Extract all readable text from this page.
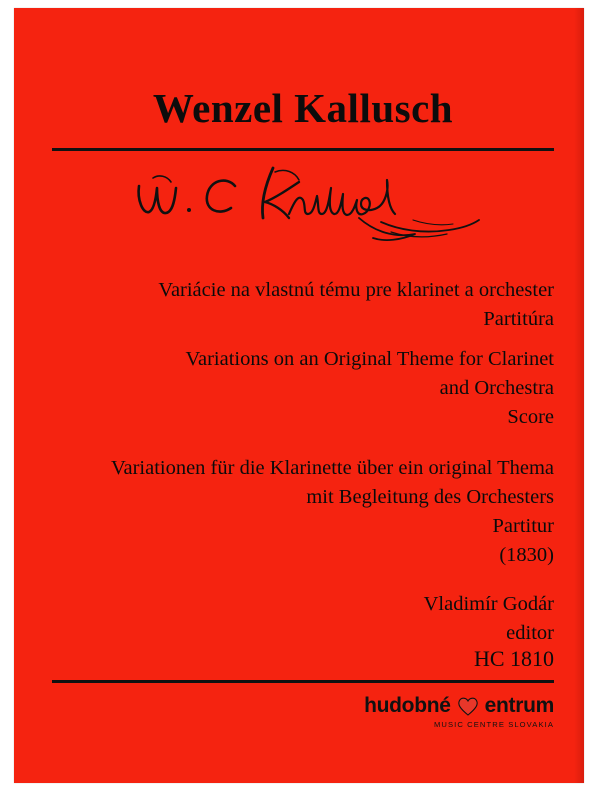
Wenzel Kallusch
Variácie na vlastnú tému pre klarinet a orchester
Partitúra
Variations on an Original Theme for Clarinet
and Orchestra
Score
Variationen für die Klarinette über ein original Thema
mit Begleitung des Orchesters
Partitur
(1830)
Vladimír Godár
editor
HC 1810
hudobné entrum
MUSIC CENTRE SLOVAKIA
